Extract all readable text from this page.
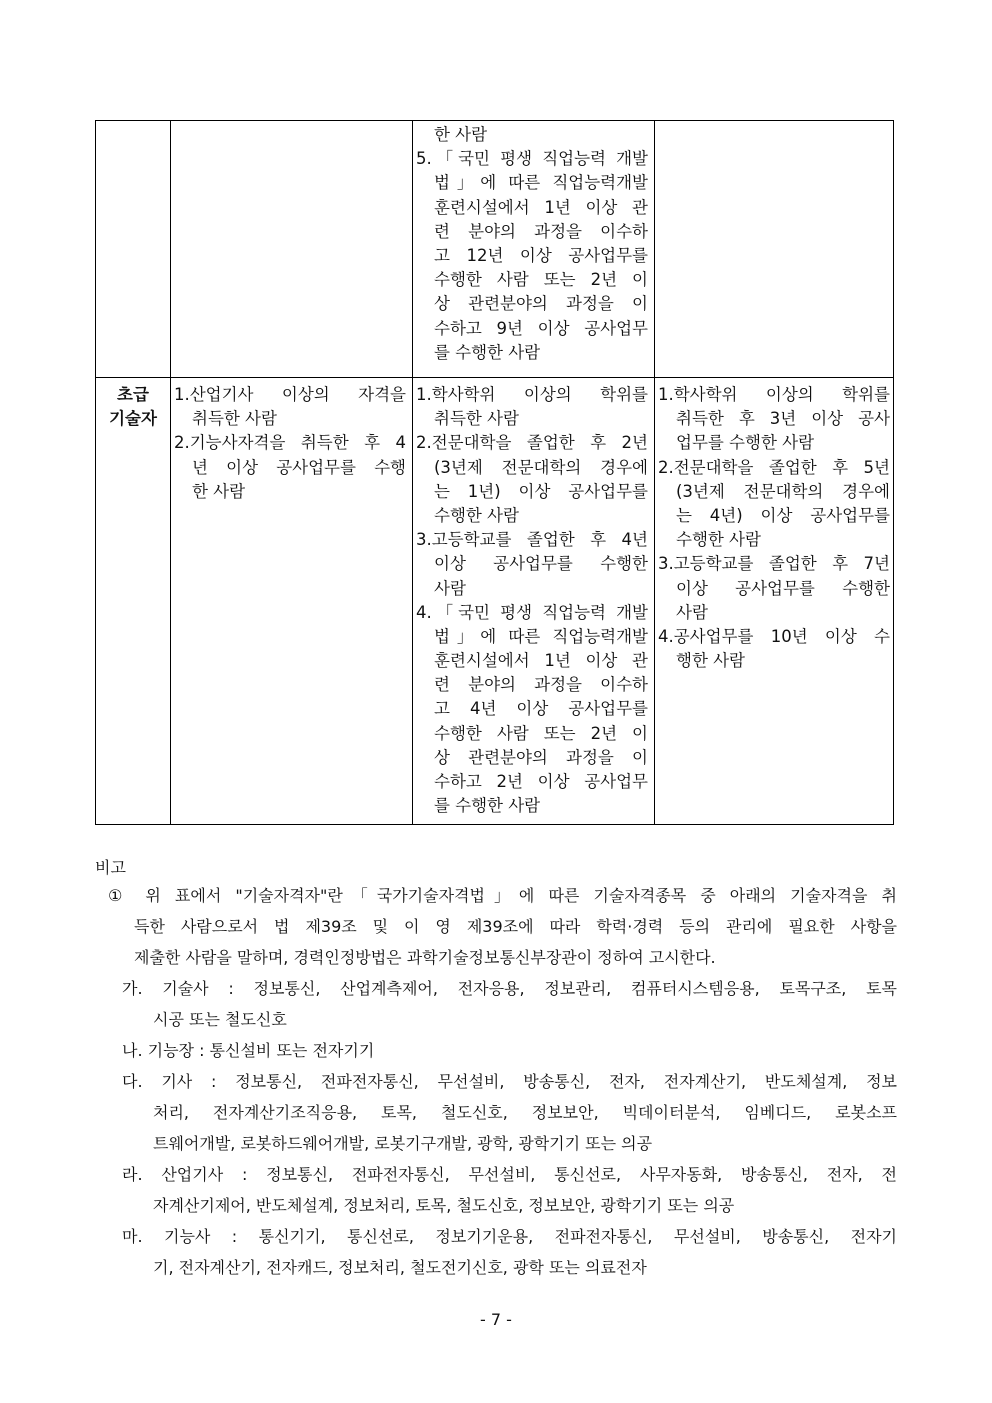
한 사람
5.「국민 평생 직업능력 개발
법」에 따른 직업능력개발
훈련시설에서 1년 이상 관
련 분야의 과정을 이수하
고 12년 이상 공사업무를
수행한 사람 또는 2년 이
상 관련분야의 과정을 이
수하고 9년 이상 공사업무
를 수행한 사람
초급
기술자
1.산업기사 이상의 자격을
취득한 사람
2.기능사자격을 취득한 후 4
년 이상 공사업무를 수행
한 사람
1.학사학위 이상의 학위를
취득한 사람
2.전문대학을 졸업한 후 2년
(3년제 전문대학의 경우에
는 1년) 이상 공사업무를
수행한 사람
3.고등학교를 졸업한 후 4년
이상 공사업무를 수행한
사람
4.「국민 평생 직업능력 개발
법」에 따른 직업능력개발
훈련시설에서 1년 이상 관
련 분야의 과정을 이수하
고 4년 이상 공사업무를
수행한 사람 또는 2년 이
상 관련분야의 과정을 이
수하고 2년 이상 공사업무
를 수행한 사람
1.학사학위 이상의 학위를
취득한 후 3년 이상 공사
업무를 수행한 사람
2.전문대학을 졸업한 후 5년
(3년제 전문대학의 경우에
는 4년) 이상 공사업무를
수행한 사람
3.고등학교를 졸업한 후 7년
이상 공사업무를 수행한
사람
4.공사업무를 10년 이상 수
행한 사람
비고
① 위 표에서 "기술자격자"란「국가기술자격법」에 따른 기술자격종목 중 아래의 기술자격을 취
득한 사람으로서 법 제39조 및 이 영 제39조에 따라 학력·경력 등의 관리에 필요한 사항을
제출한 사람을 말하며, 경력인정방법은 과학기술정보통신부장관이 정하여 고시한다.
가. 기술사 : 정보통신, 산업계측제어, 전자응용, 정보관리, 컴퓨터시스템응용, 토목구조, 토목
시공 또는 철도신호
나. 기능장 : 통신설비 또는 전자기기
다. 기사 : 정보통신, 전파전자통신, 무선설비, 방송통신, 전자, 전자계산기, 반도체설계, 정보
처리, 전자계산기조직응용, 토목, 철도신호, 정보보안, 빅데이터분석, 임베디드, 로봇소프
트웨어개발, 로봇하드웨어개발, 로봇기구개발, 광학, 광학기기 또는 의공
라. 산업기사 : 정보통신, 전파전자통신, 무선설비, 통신선로, 사무자동화, 방송통신, 전자, 전
자계산기제어, 반도체설계, 정보처리, 토목, 철도신호, 정보보안, 광학기기 또는 의공
마. 기능사 : 통신기기, 통신선로, 정보기기운용, 전파전자통신, 무선설비, 방송통신, 전자기
기, 전자계산기, 전자캐드, 정보처리, 철도전기신호, 광학 또는 의료전자
- 7 -
